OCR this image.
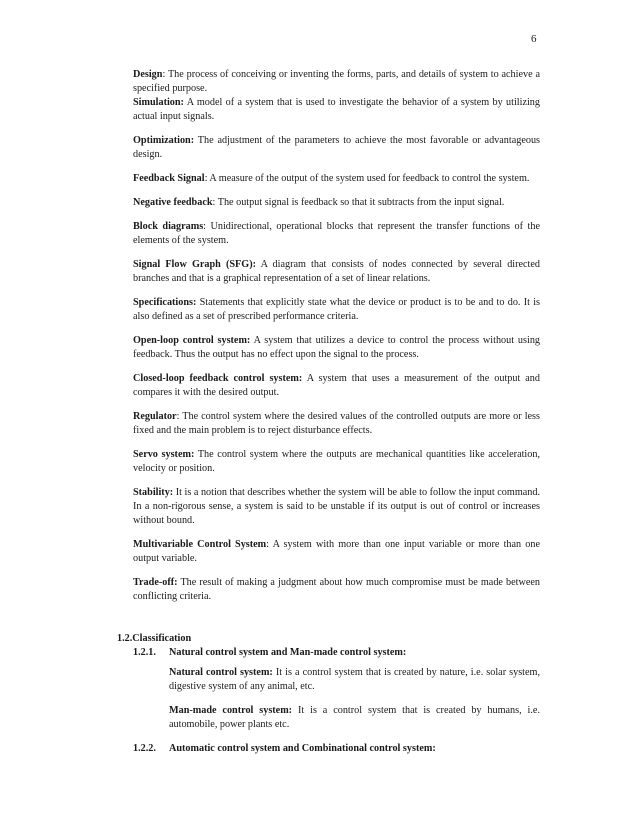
6

Design: The process of conceiving or inventing the forms, parts, and details of system to achieve a specified purpose.

Simulation: A model of a system that is used to investigate the behavior of a system by utilizing actual input signals.

Optimization: The adjustment of the parameters to achieve the most favorable or advantageous design.

Feedback Signal: A measure of the output of the system used for feedback to control the system.

Negative feedback: The output signal is feedback so that it subtracts from the input signal.

Block diagrams: Unidirectional, operational blocks that represent the transfer functions of the elements of the system.

Signal Flow Graph (SFG): A diagram that consists of nodes connected by several directed branches and that is a graphical representation of a set of linear relations.

Specifications: Statements that explicitly state what the device or product is to be and to do. It is also defined as a set of prescribed performance criteria.

Open-loop control system: A system that utilizes a device to control the process without using feedback. Thus the output has no effect upon the signal to the process.

Closed-loop feedback control system: A system that uses a measurement of the output and compares it with the desired output.

Regulator: The control system where the desired values of the controlled outputs are more or less fixed and the main problem is to reject disturbance effects.

Servo system: The control system where the outputs are mechanical quantities like acceleration, velocity or position.

Stability: It is a notion that describes whether the system will be able to follow the input command. In a non-rigorous sense, a system is said to be unstable if its output is out of control or increases without bound.

Multivariable Control System: A system with more than one input variable or more than one output variable.

Trade-off: The result of making a judgment about how much compromise must be made between conflicting criteria.

1.2.Classification
1.2.1. Natural control system and Man-made control system:

Natural control system: It is a control system that is created by nature, i.e. solar system, digestive system of any animal, etc.

Man-made control system: It is a control system that is created by humans, i.e. automobile, power plants etc.

1.2.2. Automatic control system and Combinational control system:
